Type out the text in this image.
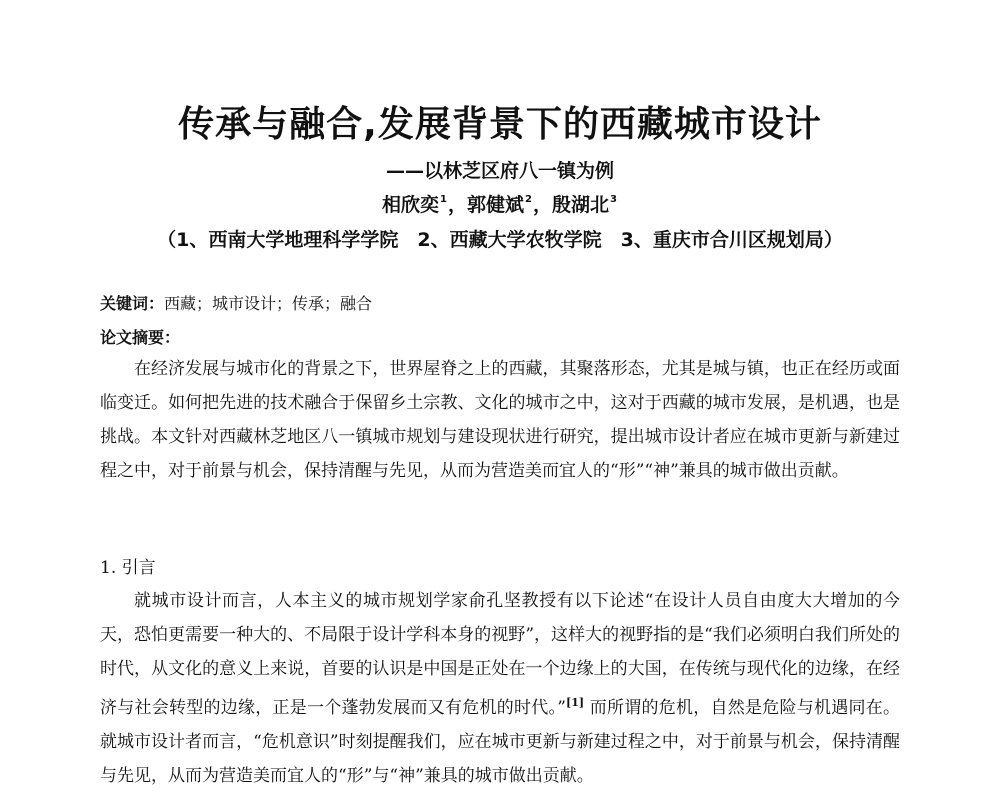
传承与融合,发展背景下的西藏城市设计
——以林芝区府八一镇为例
相欣奕$^1$，郭健斌$^2$，殷湖北$^3$
（1、西南大学地理科学学院　2、西藏大学农牧学院　3、重庆市合川区规划局）
关键词：西藏；城市设计；传承；融合
论文摘要：
在经济发展与城市化的背景之下，世界屋脊之上的西藏，其聚落形态，尤其是城与镇，也正在经历或面临变迁。如何把先进的技术融合于保留乡土宗教、文化的城市之中，这对于西藏的城市发展，是机遇，也是挑战。本文针对西藏林芝地区八一镇城市规划与建设现状进行研究，提出城市设计者应在城市更新与新建过程之中，对于前景与机会，保持清醒与先见，从而为营造美而宜人的“形”“神”兼具的城市做出贡献。
1. 引言
就城市设计而言，人本主义的城市规划学家俞孔坚教授有以下论述“在设计人员自由度大大增加的今天，恐怕更需要一种大的、不局限于设计学科本身的视野”，这样大的视野指的是“我们必须明白我们所处的时代，从文化的意义上来说，首要的认识是中国是正处在一个边缘上的大国，在传统与现代化的边缘，在经济与社会转型的边缘，正是一个蓬勃发展而又有危机的时代。”[1] 而所谓的危机，自然是危险与机遇同在。就城市设计者而言，“危机意识”时刻提醒我们，应在城市更新与新建过程之中，对于前景与机会，保持清醒与先见，从而为营造美而宜人的“形”与“神”兼具的城市做出贡献。
